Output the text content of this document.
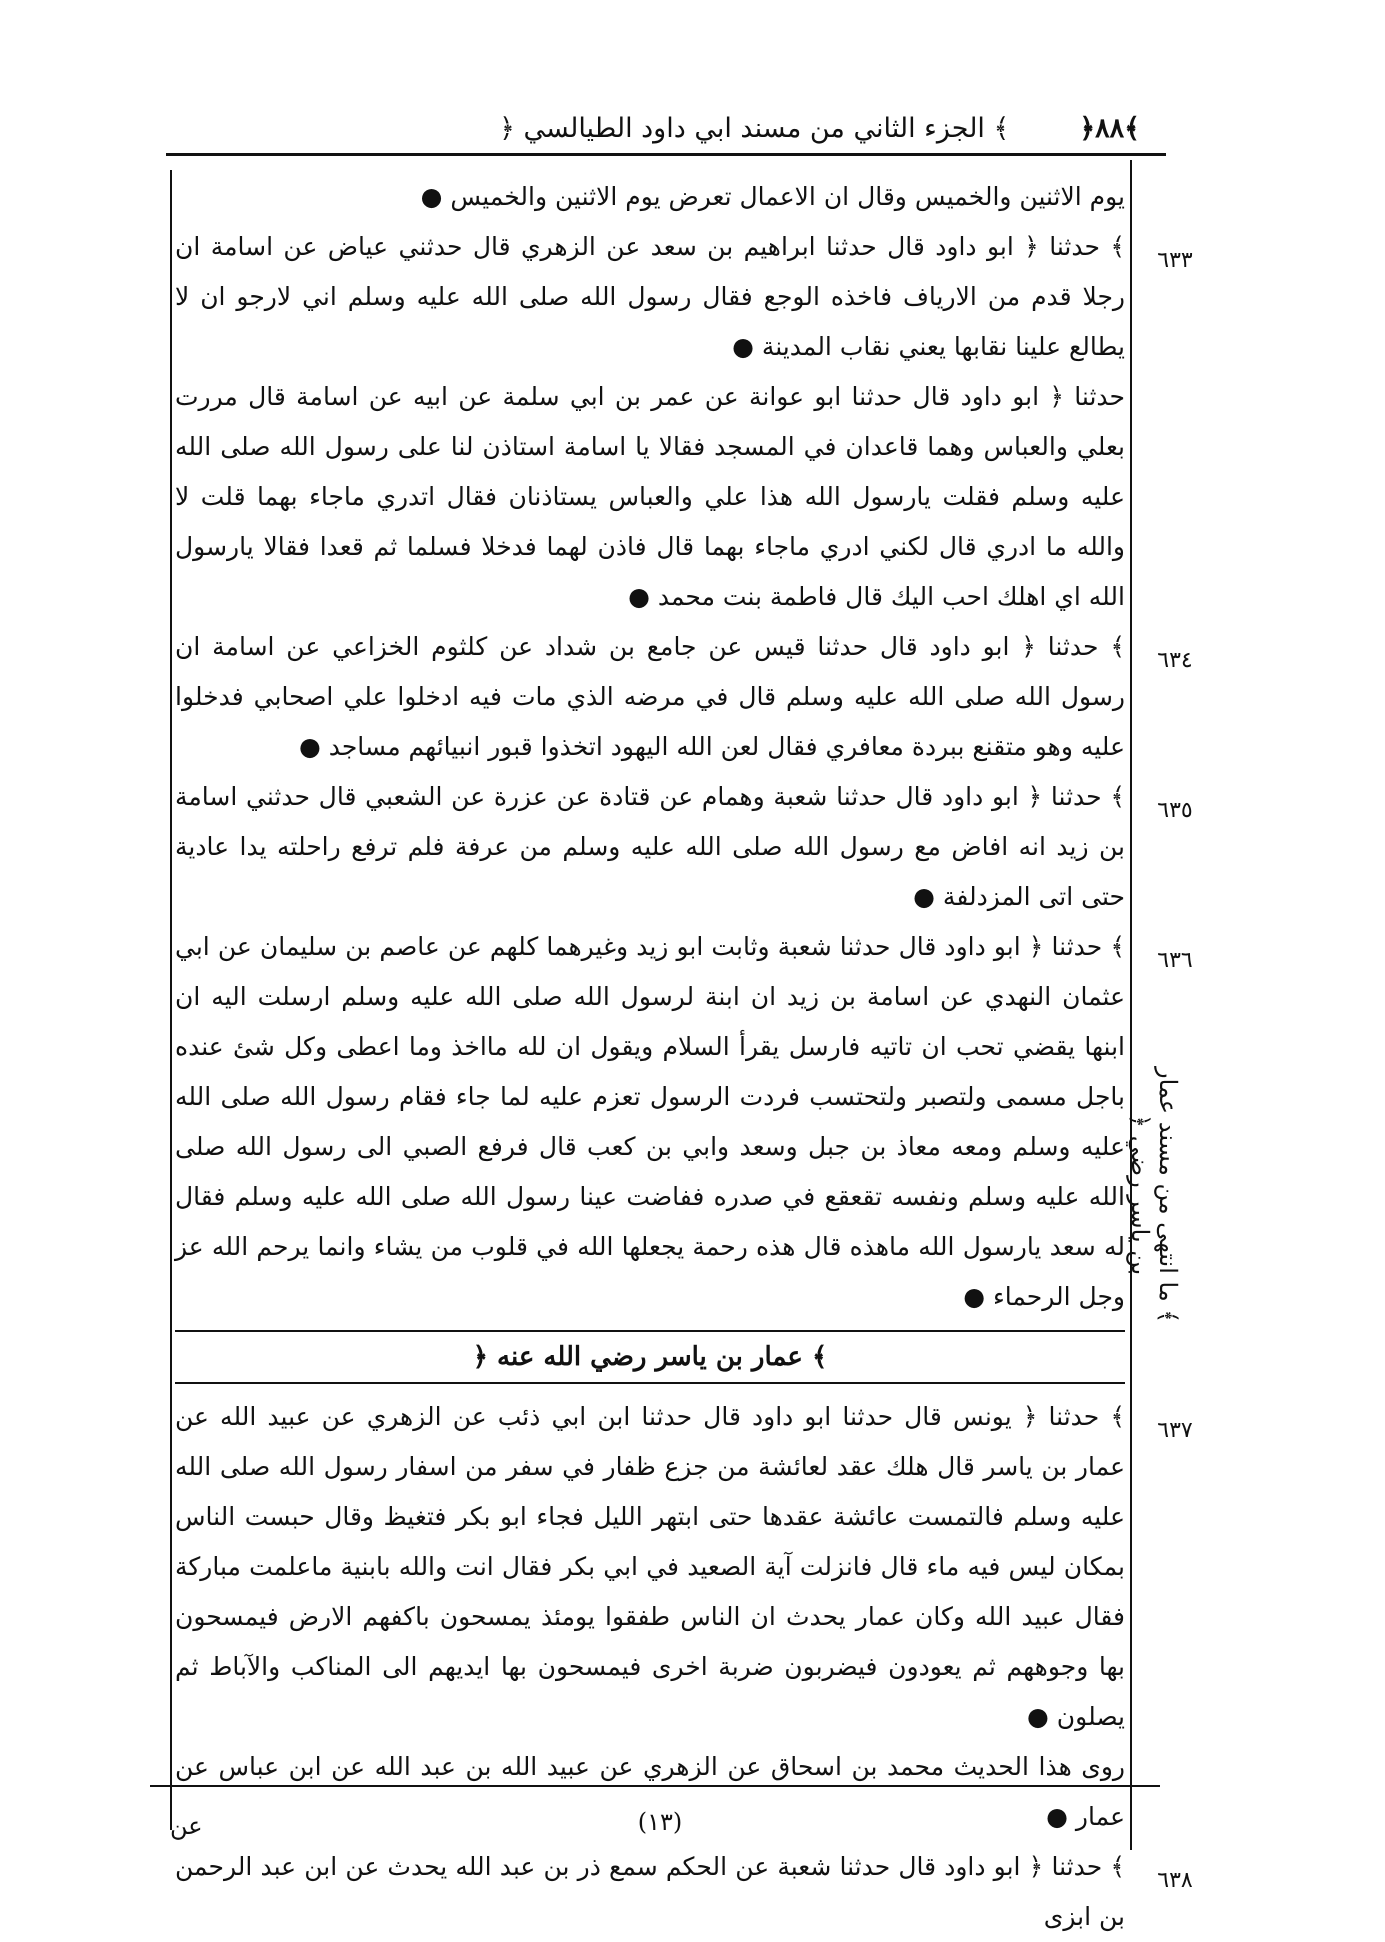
﴾٨٨﴿
﴾ الجزء الثاني من مسند ابي داود الطيالسي ﴿

يوم الاثنين والخميس وقال ان الاعمال تعرض يوم الاثنين والخميس ●

٦٣٣
﴾ حدثنا ﴿ ابو داود قال حدثنا ابراهيم بن سعد عن الزهري قال حدثني عياض عن اسامة ان رجلا قدم من الارياف فاخذه الوجع فقال رسول الله صلى الله عليه وسلم اني لارجو ان لا يطالع علينا نقابها يعني نقاب المدينة ●

حدثنا ﴿ ابو داود قال حدثنا ابو عوانة عن عمر بن ابي سلمة عن ابيه عن اسامة قال مررت بعلي والعباس وهما قاعدان في المسجد فقالا يا اسامة استاذن لنا على رسول الله صلى الله عليه وسلم فقلت يارسول الله هذا علي والعباس يستاذنان فقال اتدري ماجاء بهما قلت لا والله ما ادري قال لكني ادري ماجاء بهما قال فاذن لهما فدخلا فسلما ثم قعدا فقالا يارسول الله اي اهلك احب اليك قال فاطمة بنت محمد ●

٦٣٤
﴾ حدثنا ﴿ ابو داود قال حدثنا قيس عن جامع بن شداد عن كلثوم الخزاعي عن اسامة ان رسول الله صلى الله عليه وسلم قال في مرضه الذي مات فيه ادخلوا علي اصحابي فدخلوا عليه وهو متقنع ببردة معافري فقال لعن الله اليهود اتخذوا قبور انبيائهم مساجد ●

٦٣٥
﴾ حدثنا ﴿ ابو داود قال حدثنا شعبة وهمام عن قتادة عن عزرة عن الشعبي قال حدثني اسامة بن زيد انه افاض مع رسول الله صلى الله عليه وسلم من عرفة فلم ترفع راحلته يدا عادية حتى اتى المزدلفة ●

٦٣٦
﴾ حدثنا ﴿ ابو داود قال حدثنا شعبة وثابت ابو زيد وغيرهما كلهم عن عاصم بن سليمان عن ابي عثمان النهدي عن اسامة بن زيد ان ابنة لرسول الله صلى الله عليه وسلم ارسلت اليه ان ابنها يقضي تحب ان تاتيه فارسل يقرأ السلام ويقول ان لله مااخذ وما اعطى وكل شئ عنده باجل مسمى ولتصبر ولتحتسب فردت الرسول تعزم عليه لما جاء فقام رسول الله صلى الله عليه وسلم ومعه معاذ بن جبل وسعد وابي بن كعب قال فرفع الصبي الى رسول الله صلى الله عليه وسلم ونفسه تقعقع في صدره ففاضت عينا رسول الله صلى الله عليه وسلم فقال له سعد يارسول الله ماهذه قال هذه رحمة يجعلها الله في قلوب من يشاء وانما يرحم الله عز وجل الرحماء ●

﴾ عمار بن ياسر رضي الله عنه ﴿

٦٣٧
﴾ حدثنا ﴿ يونس قال حدثنا ابو داود قال حدثنا ابن ابي ذئب عن الزهري عن عبيد الله عن عمار بن ياسر قال هلك عقد لعائشة من جزع ظفار في سفر من اسفار رسول الله صلى الله عليه وسلم فالتمست عائشة عقدها حتى ابتهر الليل فجاء ابو بكر فتغيظ وقال حبست الناس بمكان ليس فيه ماء قال فانزلت آية الصعيد في ابي بكر فقال انت والله بابنية ماعلمت مباركة فقال عبيد الله وكان عمار يحدث ان الناس طفقوا يومئذ يمسحون باكفهم الارض فيمسحون بها وجوههم ثم يعودون فيضربون ضربة اخرى فيمسحون بها ايديهم الى المناكب والآباط ثم يصلون ●

روى هذا الحديث محمد بن اسحاق عن الزهري عن عبيد الله بن عبد الله عن ابن عباس عن عمار ●

٦٣٨
﴾ حدثنا ﴿ ابو داود قال حدثنا شعبة عن الحكم سمع ذر بن عبد الله يحدث عن ابن عبد الرحمن بن ابزى

﴾ ما انتهى من مسند عمار بن ياسر رضي ﴿
(١٣)
عن
